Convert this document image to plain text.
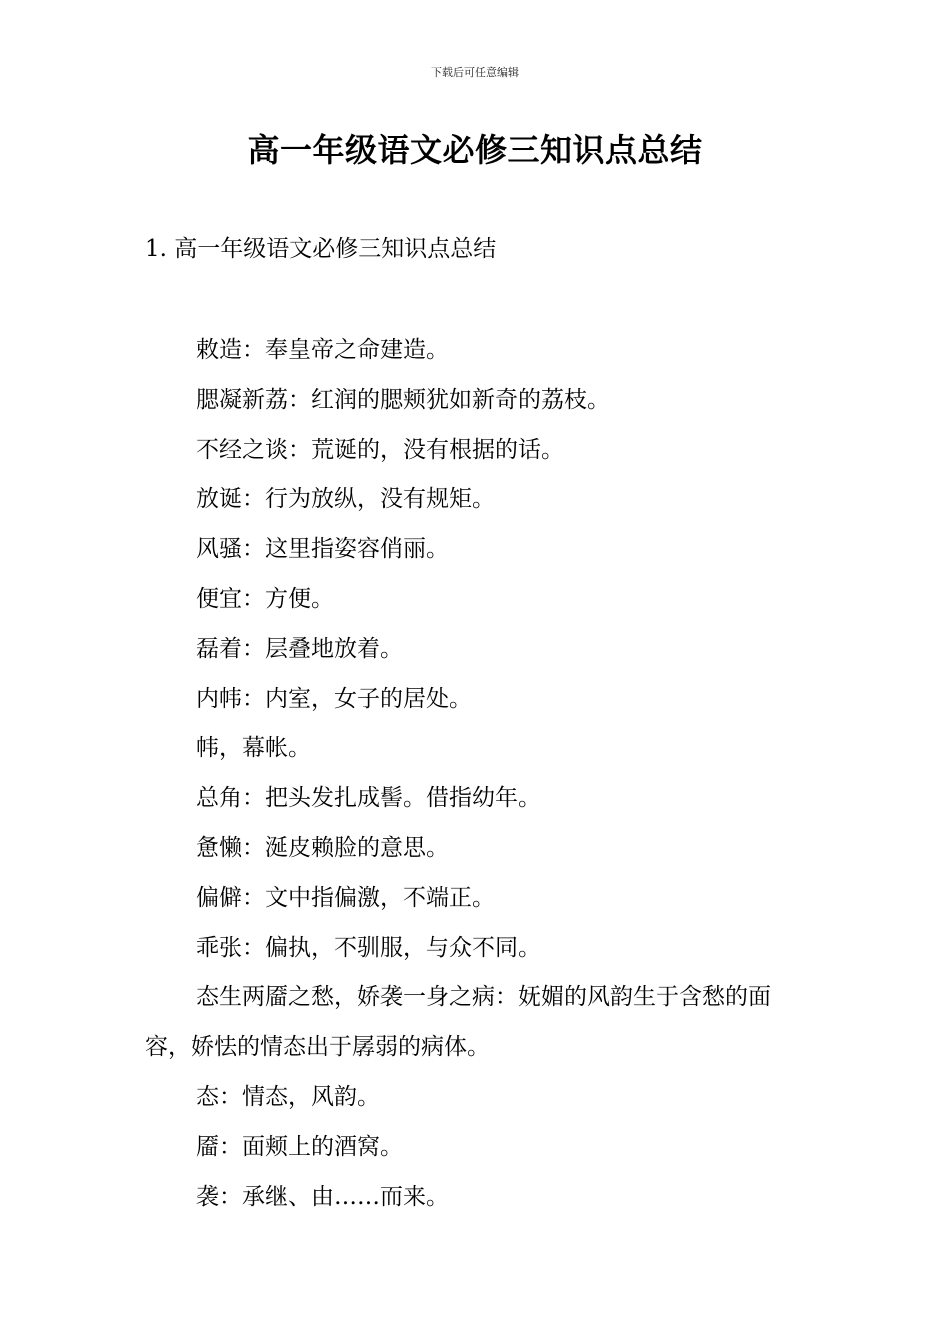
下载后可任意编辑
高一年级语文必修三知识点总结
1. 高一年级语文必修三知识点总结
敕造：奉皇帝之命建造。
腮凝新荔：红润的腮颊犹如新奇的荔枝。
不经之谈：荒诞的，没有根据的话。
放诞：行为放纵，没有规矩。
风骚：这里指姿容俏丽。
便宜：方便。
磊着：层叠地放着。
内帏：内室，女子的居处。
帏，幕帐。
总角：把头发扎成髻。借指幼年。
惫懒：涎皮赖脸的意思。
偏僻：文中指偏激，不端正。
乖张：偏执，不驯服，与众不同。
态生两靥之愁，娇袭一身之病：妩媚的风韵生于含愁的面容，娇怯的情态出于孱弱的病体。
态：情态，风韵。
靥：面颊上的酒窝。
袭：承继、由……而来。
